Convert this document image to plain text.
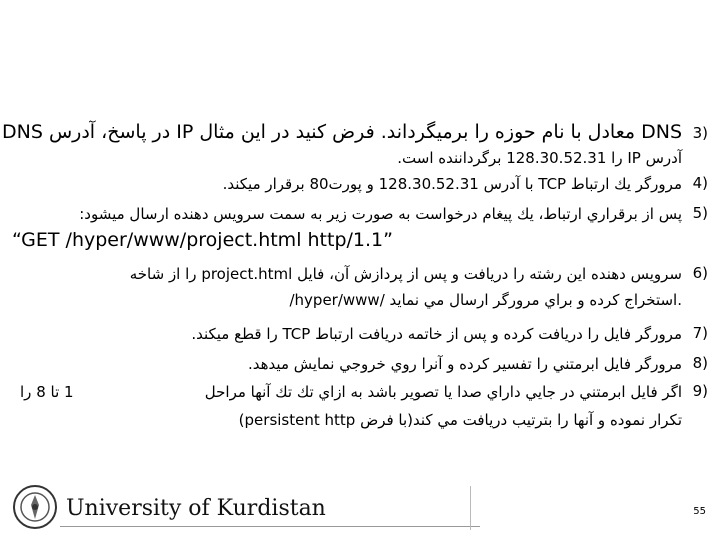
3)
DNS در پاسخ، آدرس IP معادل با نام حوزه را برميگرداند. فرض كنيد در اين مثال DNS
آدرس IP را 128.30.52.31 برگرداننده است.
4)
مرورگر يك ارتباط TCP با آدرس 128.30.52.31 و پورت80 برقرار ميكند.
5)
پس از برقراري ارتباط، يك پيغام درخواست به صورت زير به سمت سرويس دهنده ارسال ميشود:
“GET /hyper/www/project.html http/1.1”
6)
سرويس دهنده اين رشته را دريافت و پس از پردازش آن، فايل project.html را از شاخه
/hyper/www/ استخراج كرده و براي مرورگر ارسال مي نمايد.
7)
مرورگر فايل را دريافت كرده و پس از خاتمه دريافت ارتباط TCP را قطع ميكند.
8)
مرورگر فايل ابرمتني را تفسير كرده و آنرا روي خروجي نمايش ميدهد.
9)
اگر فايل ابرمتني در جايي داراي صدا يا تصوير باشد به ازاي تك تك آنها مراحل
1 تا 8 را
تكرار نموده و آنها را بترتيب دريافت مي كند(با فرض persistent http)
University of Kurdistan	55
